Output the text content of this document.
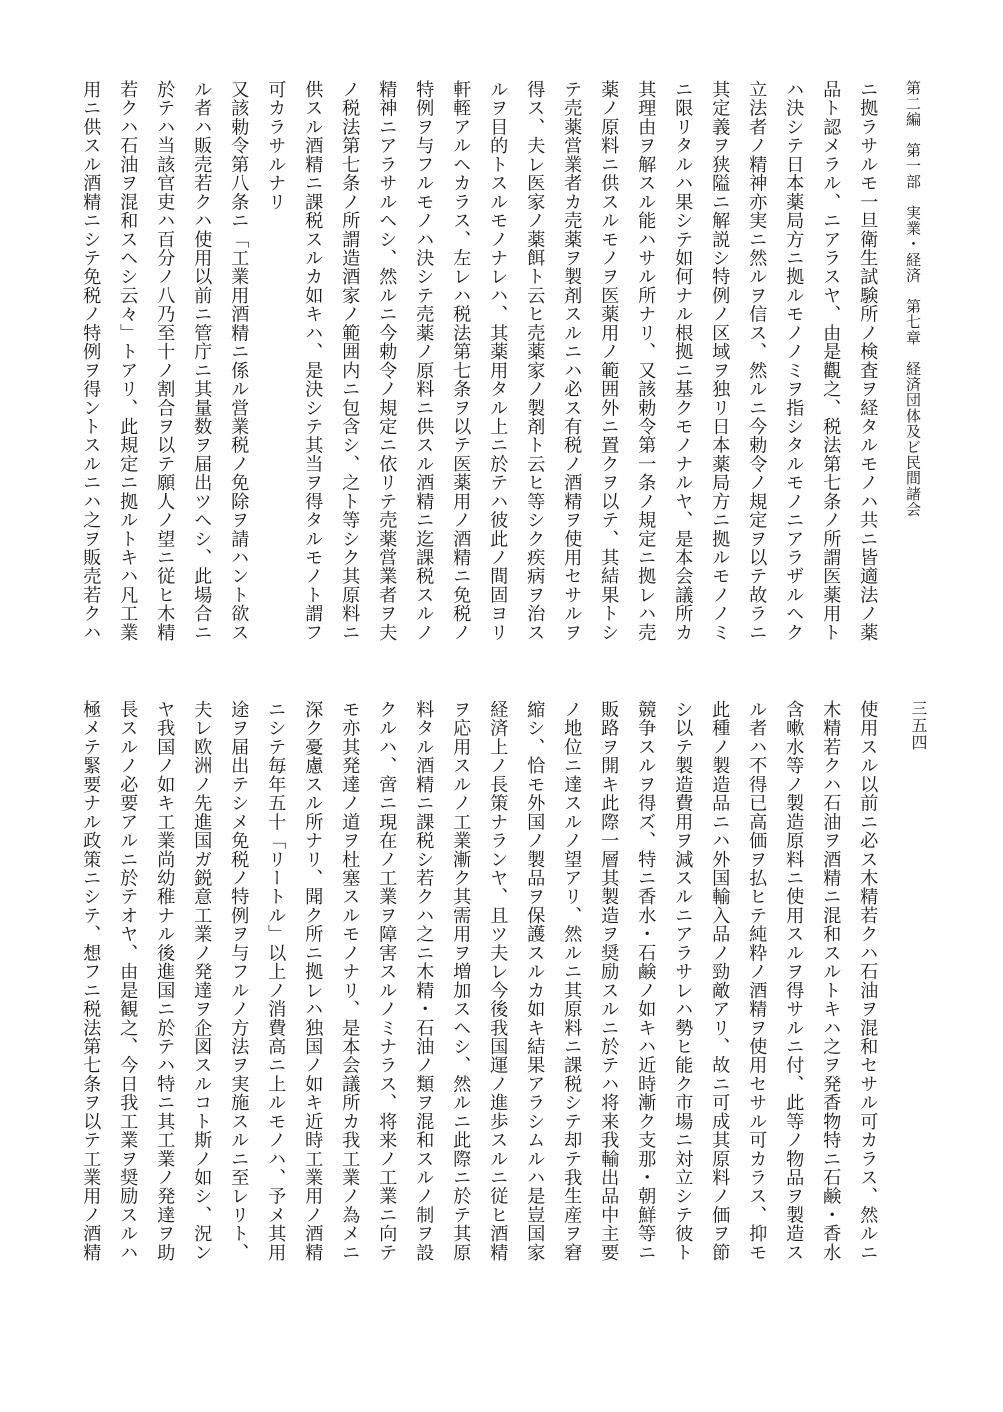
第二編　第一部　実業・経済　第七章　経済団体及ビ民間諸会
三五四
ニ拠ラサルモ一旦衛生試験所ノ検査ヲ経タルモノハ共ニ皆適法ノ薬
品ト認メラル、ニアラスヤ、由是觀之、税法第七条ノ所謂医薬用ト
ハ決シテ日本薬局方ニ拠ルモノノミヲ指シタルモノニアラザルヘク
立法者ノ精神亦実ニ然ルヲ信ス、然ルニ今勅令ノ規定ヲ以テ故ラニ
其定義ヲ狭隘ニ解説シ特例ノ区域ヲ独リ日本薬局方ニ拠ルモノノミ
ニ限リタルハ果シテ如何ナル根拠ニ基クモノナルヤ、是本会議所カ
其理由ヲ解スル能ハサル所ナリ、又該勅令第一条ノ規定ニ拠レハ売
薬ノ原料ニ供スルモノヲ医薬用ノ範囲外ニ置クヲ以テ、其結果トシ
テ売薬営業者カ売薬ヲ製剤スルニハ必ス有税ノ酒精ヲ使用セサルヲ
得ス、夫レ医家ノ薬餌ト云ヒ売薬家ノ製剤ト云ヒ等シク疾病ヲ治ス
ルヲ目的トスルモノナレハ、其薬用タル上ニ於テハ彼此ノ間固ヨリ
軒輊アルヘカラス、左レハ税法第七条ヲ以テ医薬用ノ酒精ニ免税ノ
特例ヲ与フルモノハ決シテ売薬ノ原料ニ供スル酒精ニ迄課税スルノ
精神ニアラサルヘシ、然ルニ今勅令ノ規定ニ依リテ売薬営業者ヲ夫
ノ税法第七条ノ所謂造酒家ノ範囲内ニ包含シ、之ト等シク其原料ニ
供スル酒精ニ課税スルカ如キハ、是決シテ其当ヲ得タルモノト謂フ
可カラサルナリ
又該勅令第八条ニ「工業用酒精ニ係ル営業税ノ免除ヲ請ハント欲ス
ル者ハ販売若クハ使用以前ニ管庁ニ其量数ヲ届出ツヘシ、此場合ニ
於テハ当該官吏ハ百分ノ八乃至十ノ割合ヲ以テ願人ノ望ニ従ヒ木精
若クハ石油ヲ混和スヘシ云々」トアリ、此規定ニ拠ルトキハ凡工業
用ニ供スル酒精ニシテ免税ノ特例ヲ得ントスルニハ之ヲ販売若クハ
使用スル以前ニ必ス木精若クハ石油ヲ混和セサル可カラス、然ルニ
木精若クハ石油ヲ酒精ニ混和スルトキハ之ヲ発香物特ニ石鹸・香水
含嗽水等ノ製造原料ニ使用スルヲ得サルニ付、此等ノ物品ヲ製造ス
ル者ハ不得已高価ヲ払ヒテ純粋ノ酒精ヲ使用セサル可カラス、抑モ
此種ノ製造品ニハ外国輸入品ノ勁敵アリ、故ニ可成其原料ノ価ヲ節
シ以テ製造費用ヲ減スルニアラサレハ勢ヒ能ク市場ニ対立シテ彼ト
競争スルヲ得ズ、特ニ香水・石鹸ノ如キハ近時漸ク支那・朝鮮等ニ
販路ヲ開キ此際一層其製造ヲ奨励スルニ於テハ将来我輸出品中主要
ノ地位ニ達スルノ望アリ、然ルニ其原料ニ課税シテ却テ我生産ヲ窘
縮シ、恰モ外国ノ製品ヲ保護スルカ如キ結果アラシムルハ是豈国家
経済上ノ長策ナランヤ、且ツ夫レ今後我国運ノ進歩スルニ従ヒ酒精
ヲ応用スルノ工業漸ク其需用ヲ増加スヘシ、然ルニ此際ニ於テ其原
料タル酒精ニ課税シ若クハ之ニ木精・石油ノ類ヲ混和スルノ制ヲ設
クルハ、啻ニ現在ノ工業ヲ障害スルノミナラス、将来ノ工業ニ向テ
モ亦其発達ノ道ヲ杜塞スルモノナリ、是本会議所カ我工業ノ為メニ
深ク憂慮スル所ナリ、聞ク所ニ拠レハ独国ノ如キ近時工業用ノ酒精
ニシテ毎年五十「リートル」以上ノ消費高ニ上ルモノハ、予メ其用
途ヲ届出テシメ免税ノ特例ヲ与フルノ方法ヲ実施スルニ至レリト、
夫レ欧洲ノ先進国ガ鋭意工業ノ発達ヲ企図スルコト斯ノ如シ、況ン
ヤ我国ノ如キ工業尚幼稚ナル後進国ニ於テハ特ニ其工業ノ発達ヲ助
長スルノ必要アルニ於テオヤ、由是観之、今日我工業ヲ奨励スルハ
極メテ緊要ナル政策ニシテ、想フニ税法第七条ヲ以テ工業用ノ酒精
